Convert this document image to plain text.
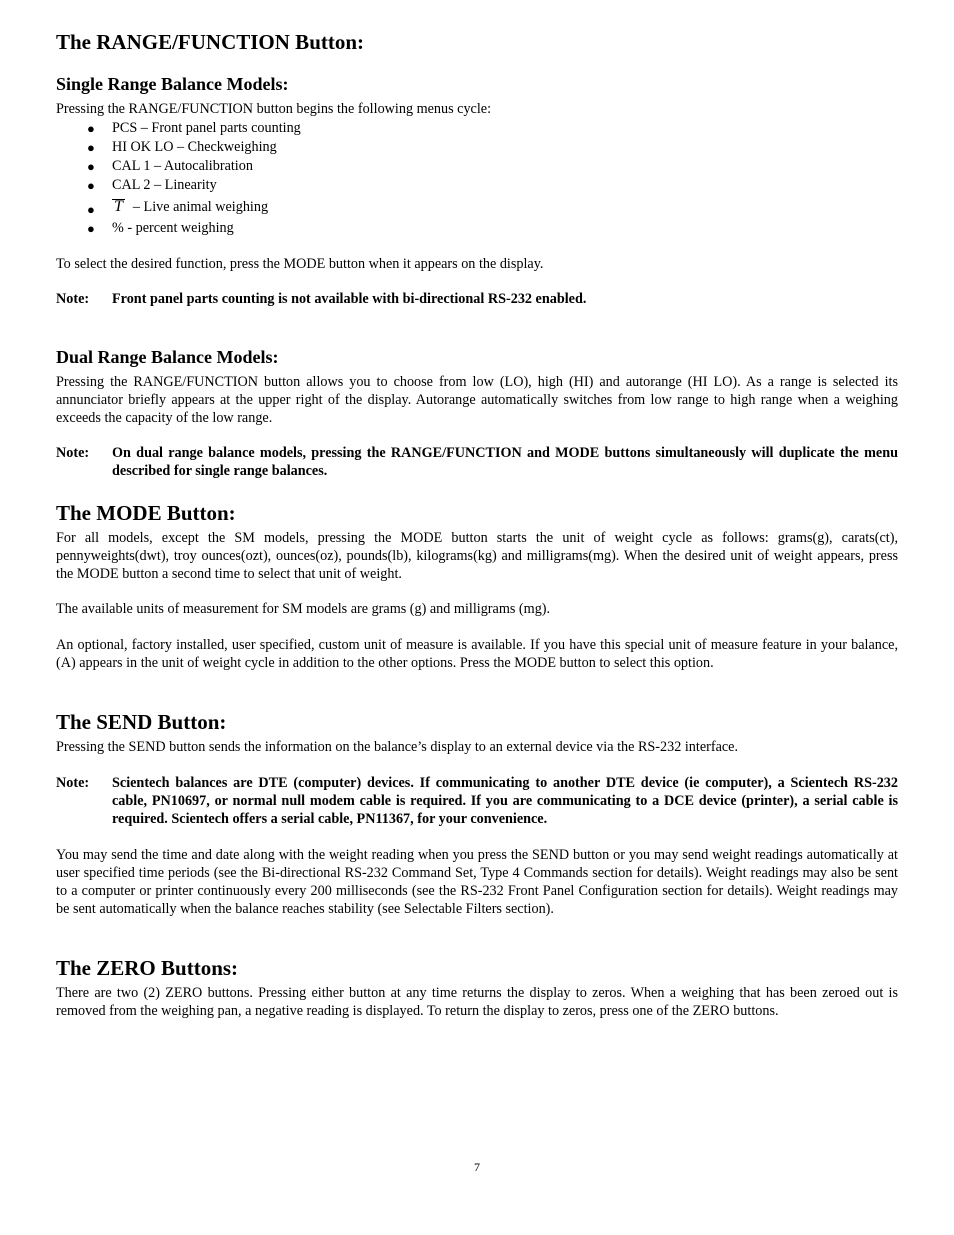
The RANGE/FUNCTION Button:
Single Range Balance Models:

Pressing the RANGE/FUNCTION button begins the following menus cycle:

● PCS – Front panel parts counting
● HI OK LO – Checkweighing
● CAL 1 – Autocalibration
● CAL 2 – Linearity
● T – Live animal weighing
● % - percent weighing

To select the desired function, press the MODE button when it appears on the display.

Note:	Front panel parts counting is not available with bi-directional RS-232 enabled.
Dual Range Balance Models:

Pressing the RANGE/FUNCTION button allows you to choose from low (LO), high (HI) and autorange (HI LO). As a range is selected its annunciator briefly appears at the upper right of the display. Autorange automatically switches from low range to high range when a weighing exceeds the capacity of the low range.

Note:	On dual range balance models, pressing the RANGE/FUNCTION and MODE buttons simultaneously will duplicate the menu described for single range balances.
The MODE Button:

For all models, except the SM models, pressing the MODE button starts the unit of weight cycle as follows: grams(g), carats(ct), pennyweights(dwt), troy ounces(ozt), ounces(oz), pounds(lb), kilograms(kg) and milligrams(mg). When the desired unit of weight appears, press the MODE button a second time to select that unit of weight.

The available units of measurement for SM models are grams (g) and milligrams (mg).

An optional, factory installed, user specified, custom unit of measure is available. If you have this special unit of measure feature in your balance, (A) appears in the unit of weight cycle in addition to the other options. Press the MODE button to select this option.

The SEND Button:

Pressing the SEND button sends the information on the balance’s display to an external device via the RS-232 interface.

Note:	Scientech balances are DTE (computer) devices. If communicating to another DTE device (ie computer), a Scientech RS-232 cable, PN10697, or normal null modem cable is required. If you are communicating to a DCE device (printer), a serial cable is required. Scientech offers a serial cable, PN11367, for your convenience.

You may send the time and date along with the weight reading when you press the SEND button or you may send weight readings automatically at user specified time periods (see the Bi-directional RS-232 Command Set, Type 4 Commands section for details). Weight readings may also be sent to a computer or printer continuously every 200 milliseconds (see the RS-232 Front Panel Configuration section for details). Weight readings may be sent automatically when the balance reaches stability (see Selectable Filters section).

The ZERO Buttons:

There are two (2) ZERO buttons. Pressing either button at any time returns the display to zeros. When a weighing that has been zeroed out is removed from the weighing pan, a negative reading is displayed. To return the display to zeros, press one of the ZERO buttons.

7
